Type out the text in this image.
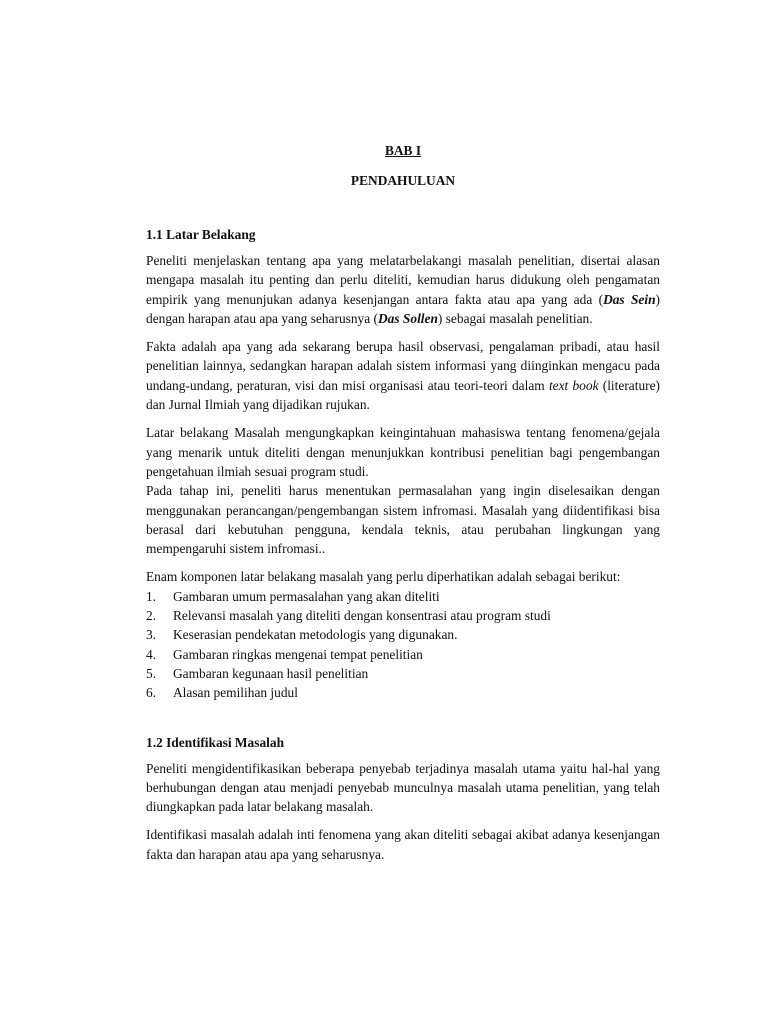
BAB I
PENDAHULUAN
1.1 Latar Belakang

Peneliti menjelaskan tentang apa yang melatarbelakangi masalah penelitian, disertai alasan mengapa masalah itu penting dan perlu diteliti, kemudian harus didukung oleh pengamatan empirik yang menunjukan adanya kesenjangan antara fakta atau apa yang ada (Das Sein) dengan harapan atau apa yang seharusnya (Das Sollen) sebagai masalah penelitian.

Fakta adalah apa yang ada sekarang berupa hasil observasi, pengalaman pribadi, atau hasil penelitian lainnya, sedangkan harapan adalah sistem informasi yang diinginkan mengacu pada undang-undang, peraturan, visi dan misi organisasi atau teori-teori dalam text book (literature) dan Jurnal Ilmiah yang dijadikan rujukan.

Latar belakang Masalah mengungkapkan keingintahuan mahasiswa tentang fenomena/gejala yang menarik untuk diteliti dengan menunjukkan kontribusi penelitian bagi pengembangan pengetahuan ilmiah sesuai program studi.

Pada tahap ini, peneliti harus menentukan permasalahan yang ingin diselesaikan dengan menggunakan perancangan/pengembangan sistem infromasi. Masalah yang diidentifikasi bisa berasal dari kebutuhan pengguna, kendala teknis, atau perubahan lingkungan yang mempengaruhi sistem infromasi..

Enam komponen latar belakang masalah yang perlu diperhatikan adalah sebagai berikut:

1. Gambaran umum permasalahan yang akan diteliti
2. Relevansi masalah yang diteliti dengan konsentrasi atau program studi
3. Keserasian pendekatan metodologis yang digunakan.
4. Gambaran ringkas mengenai tempat penelitian
5. Gambaran kegunaan hasil penelitian
6. Alasan pemilihan judul
1.2 Identifikasi Masalah

Peneliti mengidentifikasikan beberapa penyebab terjadinya masalah utama yaitu hal-hal yang berhubungan dengan atau menjadi penyebab munculnya masalah utama penelitian, yang telah diungkapkan pada latar belakang masalah.

Identifikasi masalah adalah inti fenomena yang akan diteliti sebagai akibat adanya kesenjangan fakta dan harapan atau apa yang seharusnya.
